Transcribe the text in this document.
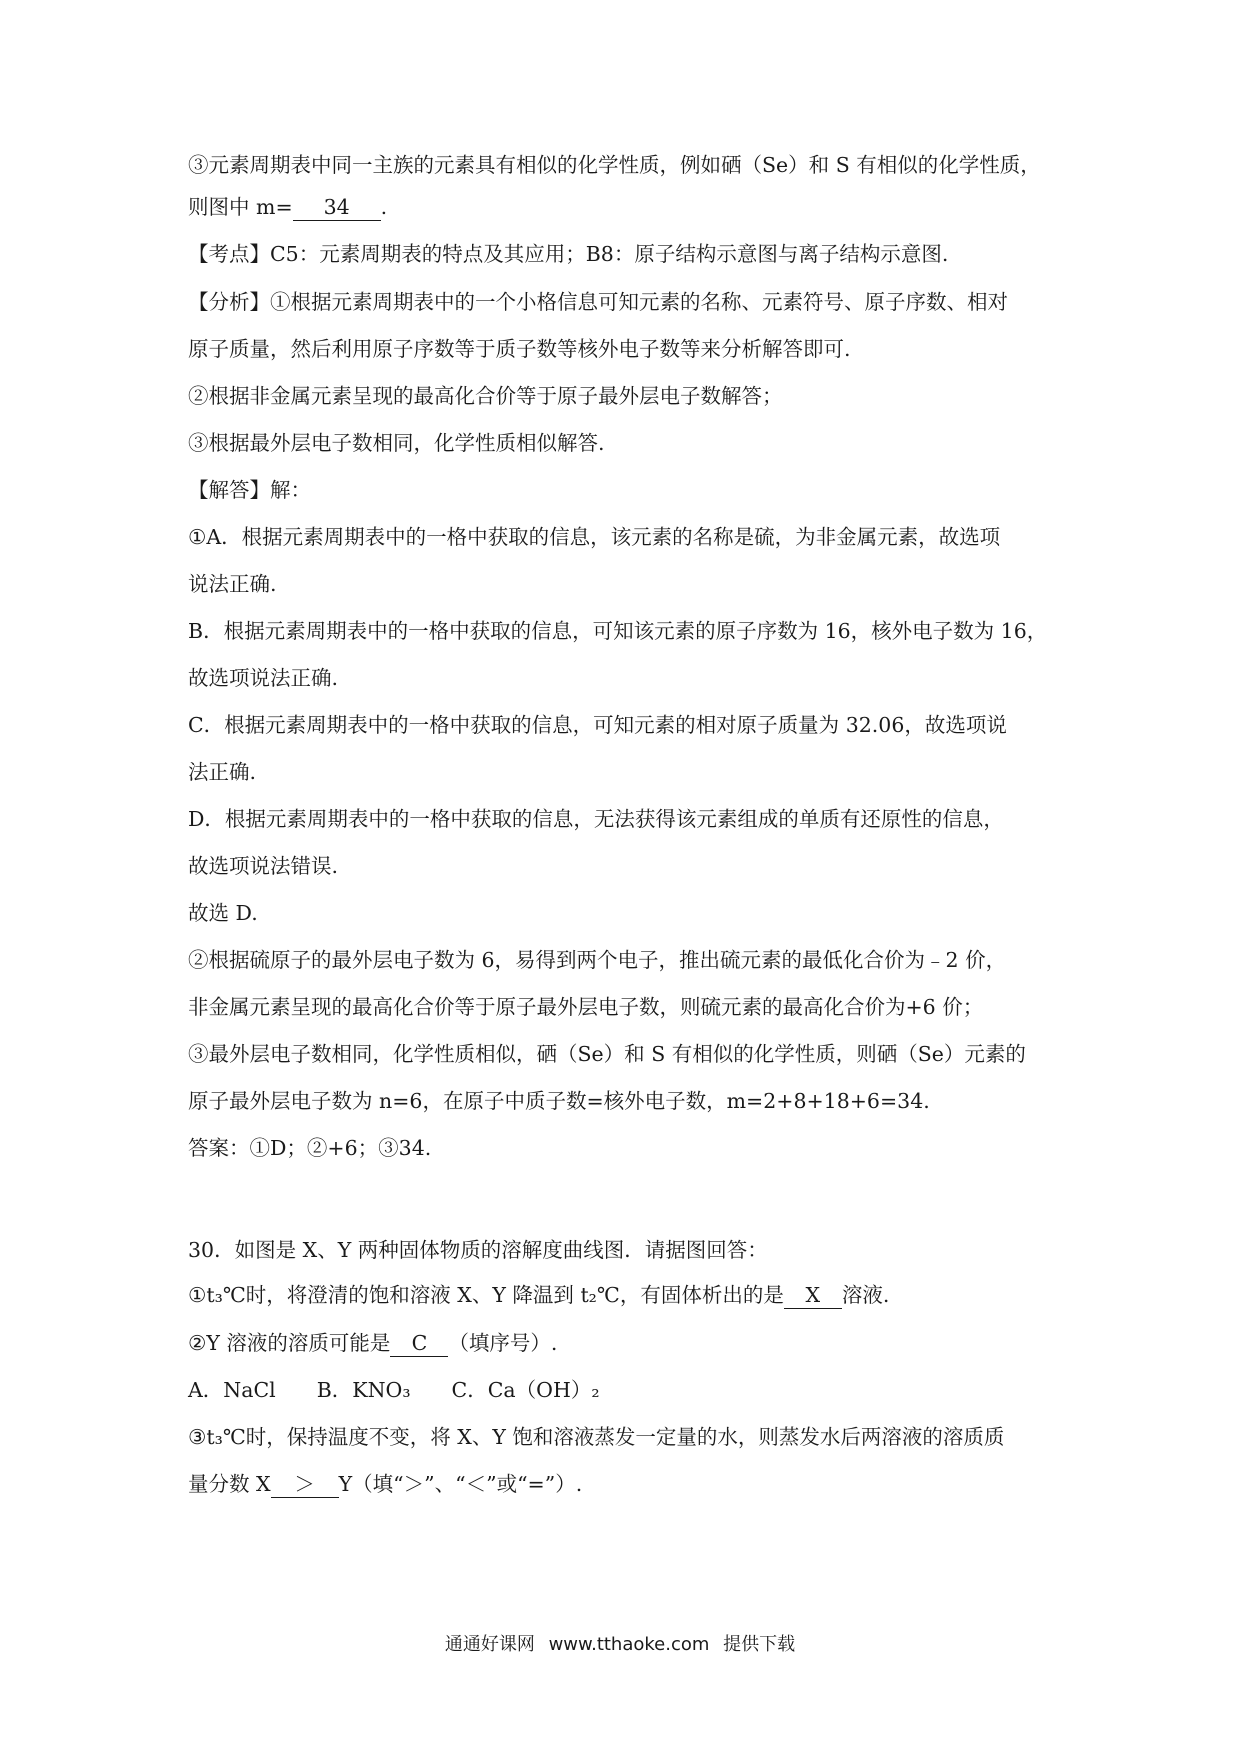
③元素周期表中同一主族的元素具有相似的化学性质，例如硒（Se）和 S 有相似的化学性质，
则图中 m= 34 .
【考点】C5：元素周期表的特点及其应用；B8：原子结构示意图与离子结构示意图.
【分析】①根据元素周期表中的一个小格信息可知元素的名称、元素符号、原子序数、相对
原子质量，然后利用原子序数等于质子数等核外电子数等来分析解答即可.
②根据非金属元素呈现的最高化合价等于原子最外层电子数解答；
③根据最外层电子数相同，化学性质相似解答.
【解答】解：
①A．根据元素周期表中的一格中获取的信息，该元素的名称是硫，为非金属元素，故选项
说法正确.
B．根据元素周期表中的一格中获取的信息，可知该元素的原子序数为 16，核外电子数为 16，
故选项说法正确.
C．根据元素周期表中的一格中获取的信息，可知元素的相对原子质量为 32.06，故选项说
法正确.
D．根据元素周期表中的一格中获取的信息，无法获得该元素组成的单质有还原性的信息，
故选项说法错误.
故选 D.
②根据硫原子的最外层电子数为 6，易得到两个电子，推出硫元素的最低化合价为﹣2 价，
非金属元素呈现的最高化合价等于原子最外层电子数，则硫元素的最高化合价为+6 价；
③最外层电子数相同，化学性质相似，硒（Se）和 S 有相似的化学性质，则硒（Se）元素的
原子最外层电子数为 n=6，在原子中质子数=核外电子数，m=2+8+18+6=34.
答案：①D；②+6；③34.
30．如图是 X、Y 两种固体物质的溶解度曲线图．请据图回答：
①t₃℃时，将澄清的饱和溶液 X、Y 降温到 t₂℃，有固体析出的是 X 溶液.
②Y 溶液的溶质可能是 C （填序号）.
A．NaCl　　B．KNO₃　　C．Ca（OH）₂
③t₃℃时，保持温度不变，将 X、Y 饱和溶液蒸发一定量的水，则蒸发水后两溶液的溶质质
量分数 X ＞ Y（填“＞”、“＜”或“=”）.
通通好课网 www.tthaoke.com 提供下载
